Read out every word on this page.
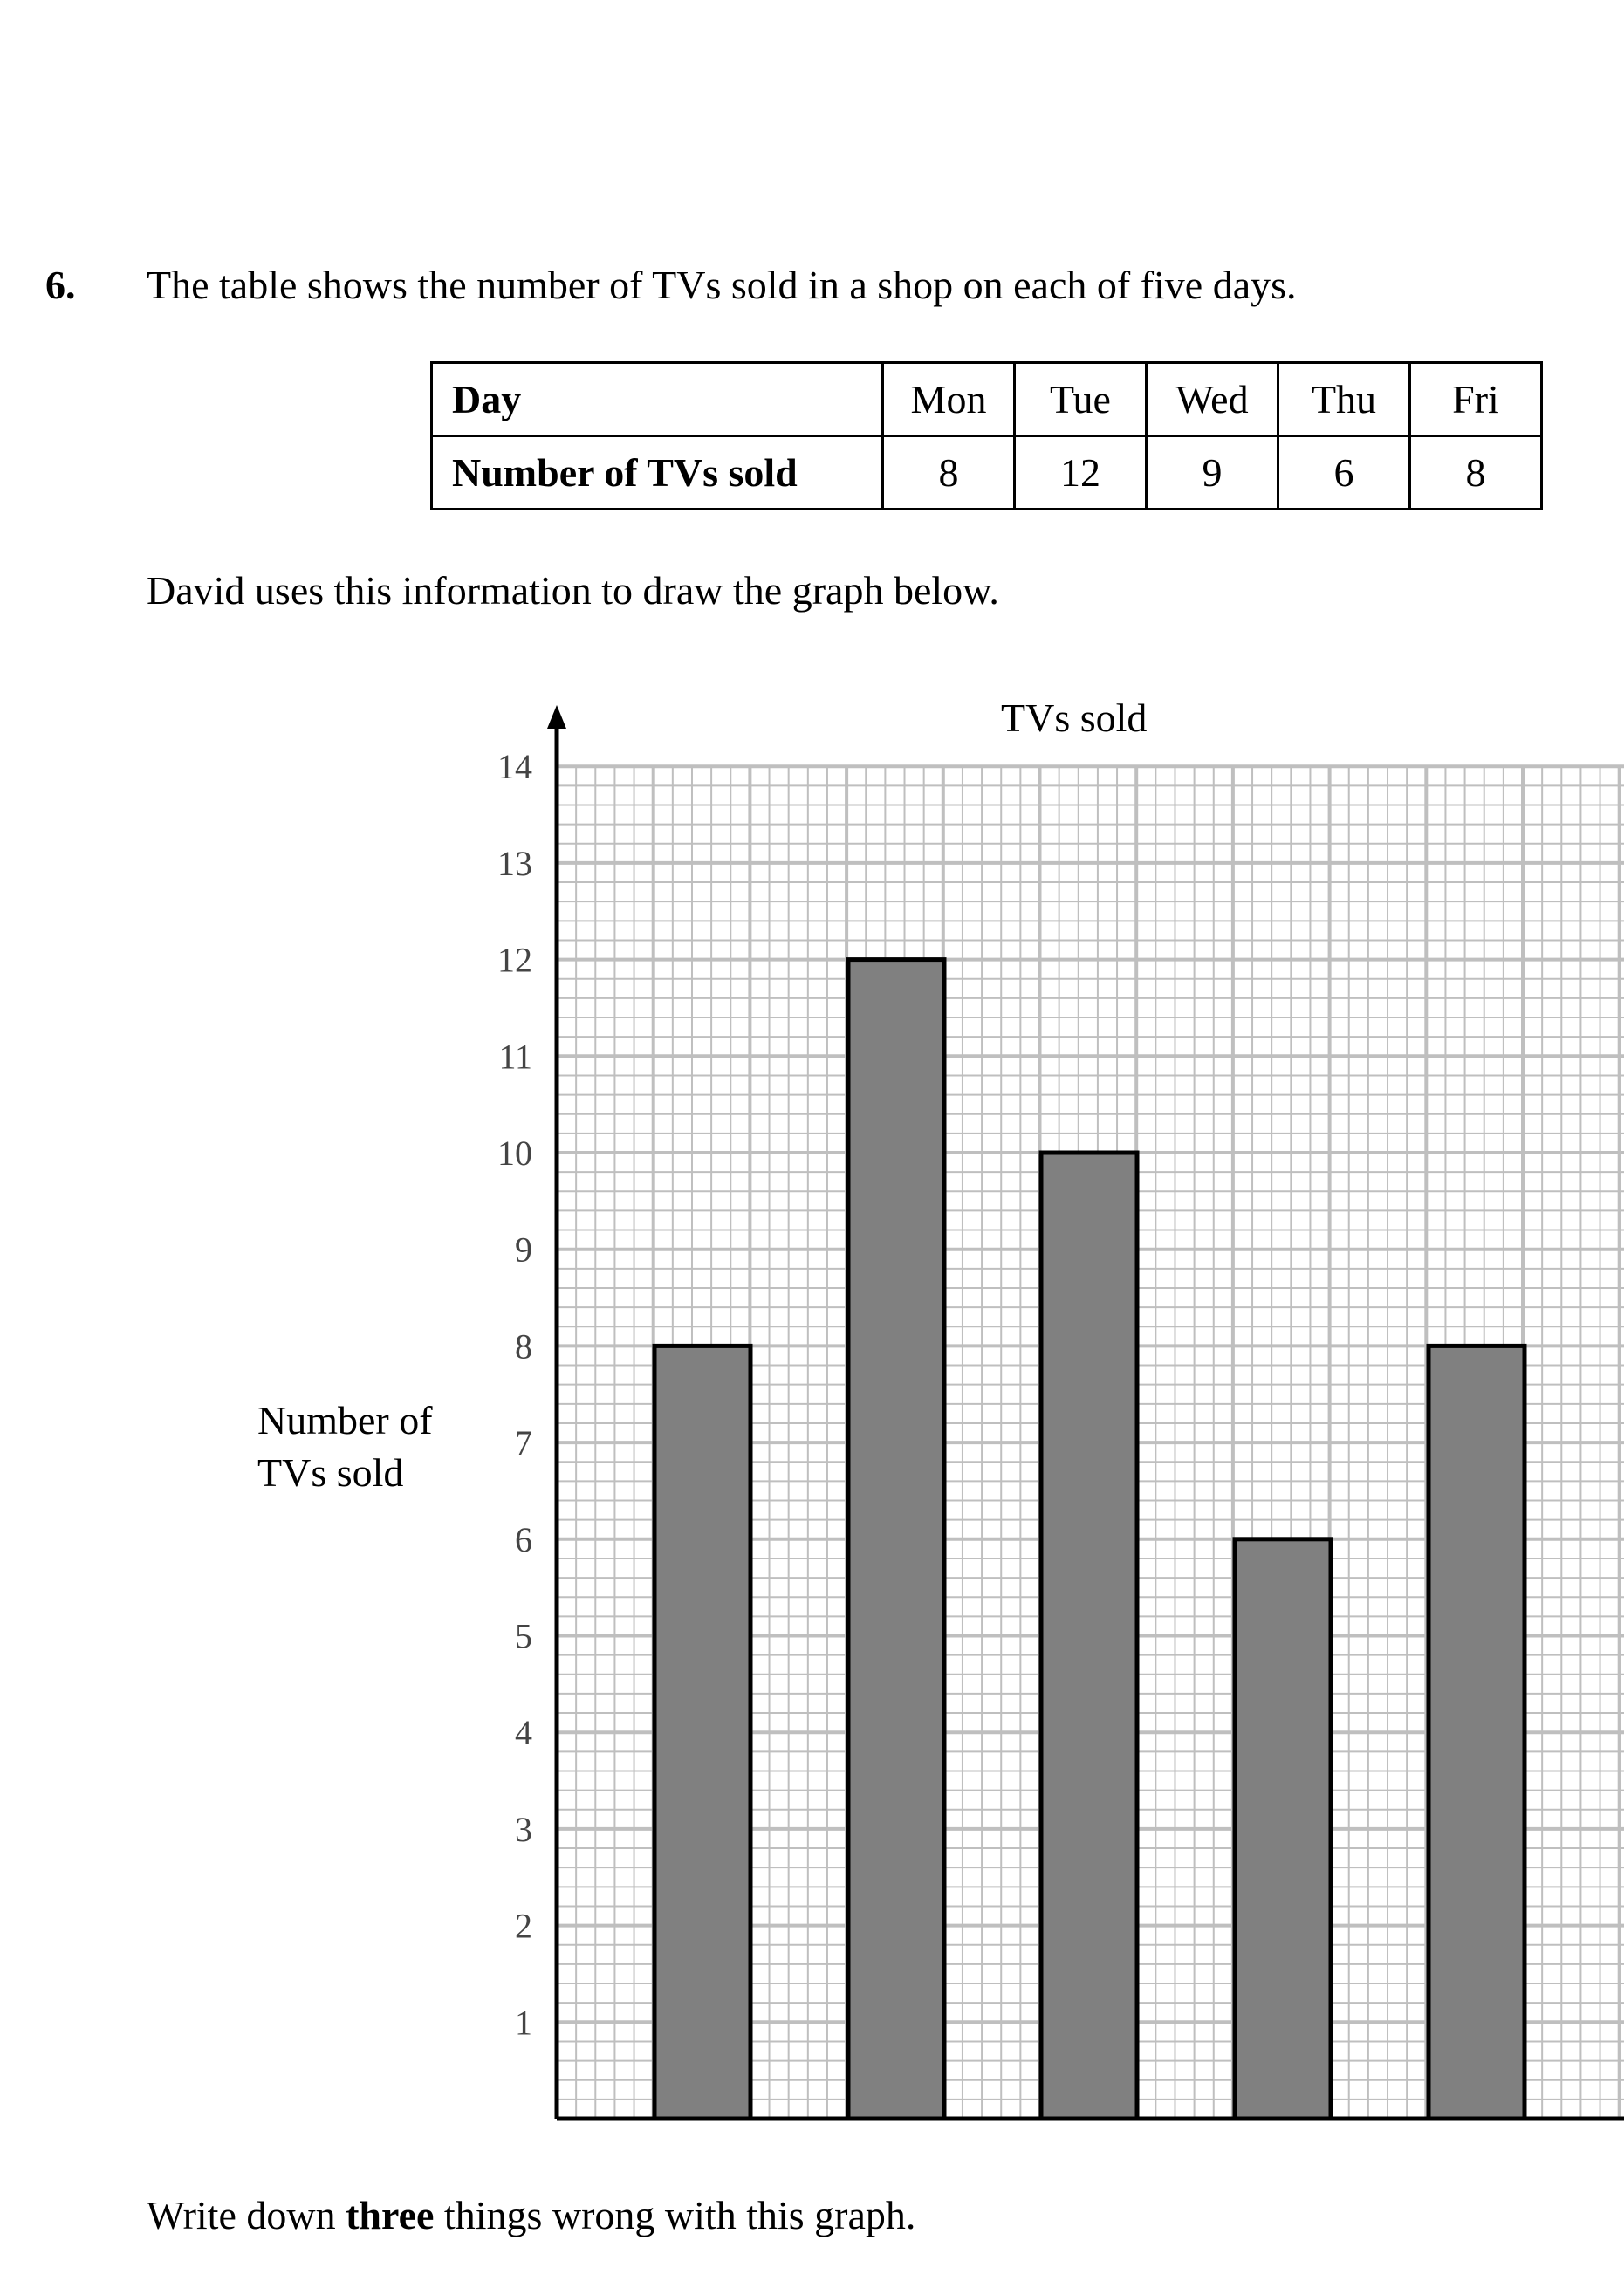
6. The table shows the number of TVs sold in a shop on each of five days.
Day	Mon	Tue	Wed	Thu	Fri
Number of TVs sold	8	12	9	6	8
David uses this information to draw the graph below.
TVs sold
Number of
TVs sold
1
2
3
4
5
6
7
8
9
10
11
12
13
14
Write down three things wrong with this graph.
